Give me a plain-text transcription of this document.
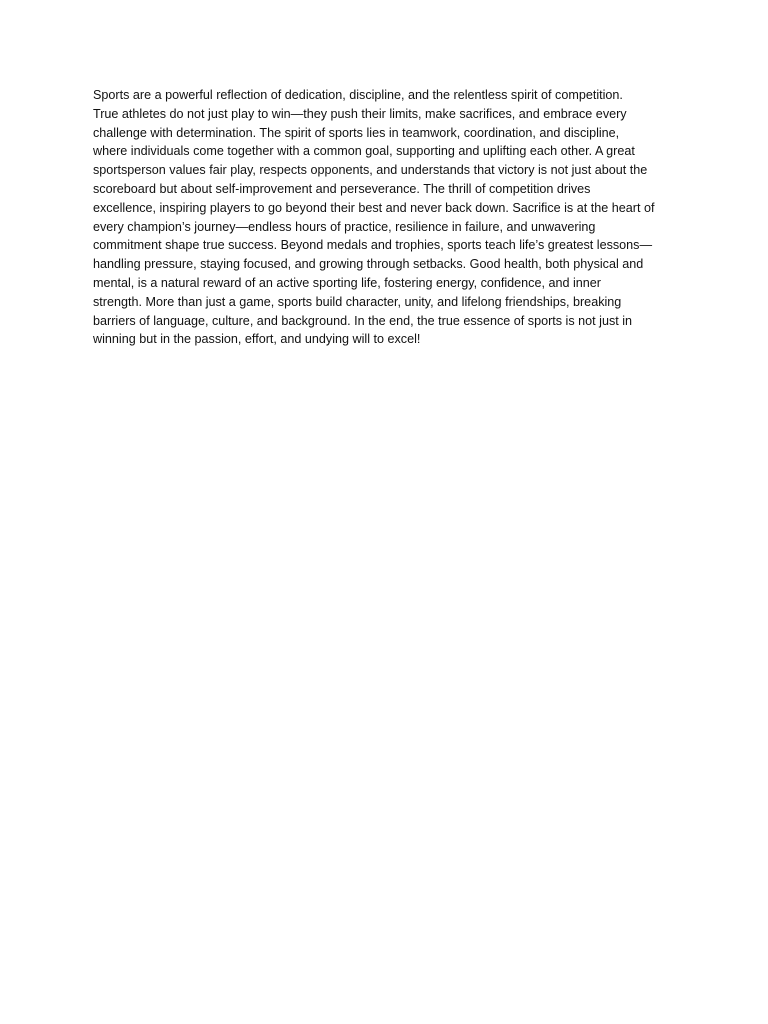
Sports are a powerful reflection of dedication, discipline, and the relentless spirit of competition.
True athletes do not just play to win—they push their limits, make sacrifices, and embrace every
challenge with determination. The spirit of sports lies in teamwork, coordination, and discipline,
where individuals come together with a common goal, supporting and uplifting each other. A great
sportsperson values fair play, respects opponents, and understands that victory is not just about the
scoreboard but about self-improvement and perseverance. The thrill of competition drives
excellence, inspiring players to go beyond their best and never back down. Sacrifice is at the heart of
every champion’s journey—endless hours of practice, resilience in failure, and unwavering
commitment shape true success. Beyond medals and trophies, sports teach life’s greatest lessons—
handling pressure, staying focused, and growing through setbacks. Good health, both physical and
mental, is a natural reward of an active sporting life, fostering energy, confidence, and inner
strength. More than just a game, sports build character, unity, and lifelong friendships, breaking
barriers of language, culture, and background. In the end, the true essence of sports is not just in
winning but in the passion, effort, and undying will to excel!
